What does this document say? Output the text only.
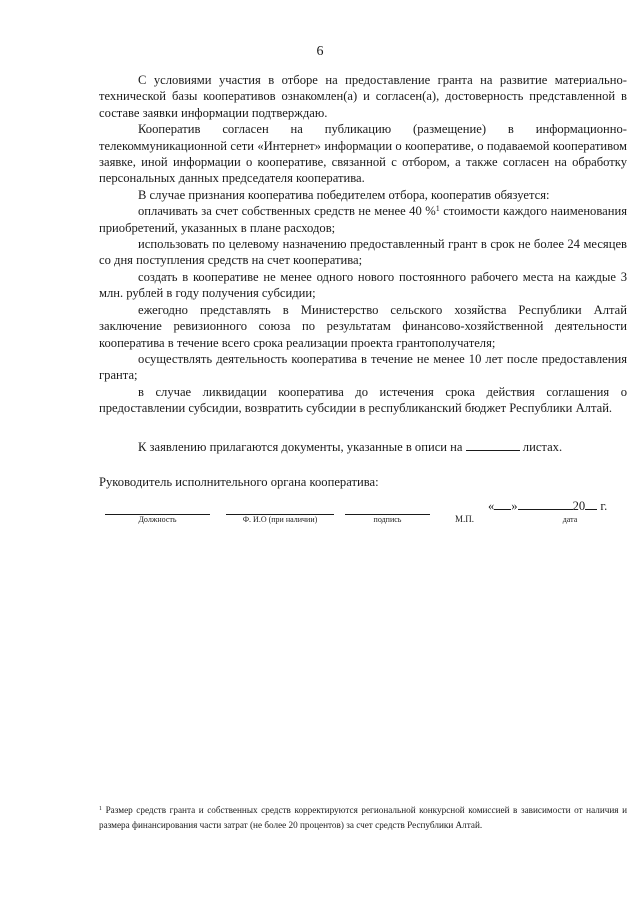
6

С условиями участия в отборе на предоставление гранта на развитие материально-технической базы кооперативов ознакомлен(а) и согласен(а), достоверность представленной в составе заявки информации подтверждаю.

Кооператив согласен на публикацию (размещение) в информационно-телекоммуникационной сети «Интернет» информации о кооперативе, о подаваемой кооперативом заявке, иной информации о кооперативе, связанной с отбором, а также согласен на обработку персональных данных председателя кооператива.

В случае признания кооператива победителем отбора, кооператив обязуется:

оплачивать за счет собственных средств не менее 40 %$^1$ стоимости каждого наименования приобретений, указанных в плане расходов;

использовать по целевому назначению предоставленный грант в срок не более 24 месяцев со дня поступления средств на счет кооператива;

создать в кооперативе не менее одного нового постоянного рабочего места на каждые 3 млн. рублей в году получения субсидии;

ежегодно представлять в Министерство сельского хозяйства Республики Алтай заключение ревизионного союза по результатам финансово-хозяйственной деятельности кооператива в течение всего срока реализации проекта грантополучателя;

осуществлять деятельность кооператива в течение не менее 10 лет после предоставления гранта;

в случае ликвидации кооператива до истечения срока действия соглашения о предоставлении субсидии, возвратить субсидии в республиканский бюджет Республики Алтай.

К заявлению прилагаются документы, указанные в описи на	листах.

Руководитель исполнительного органа кооператива:

Должность	Ф. И.О (при наличии)	подпись	М.П.
« »	20 г.
дата
$^1$ Размер средств гранта и собственных средств корректируются региональной конкурсной комиссией в зависимости от наличия и размера финансирования части затрат (не более 20 процентов) за счет средств Республики Алтай.
